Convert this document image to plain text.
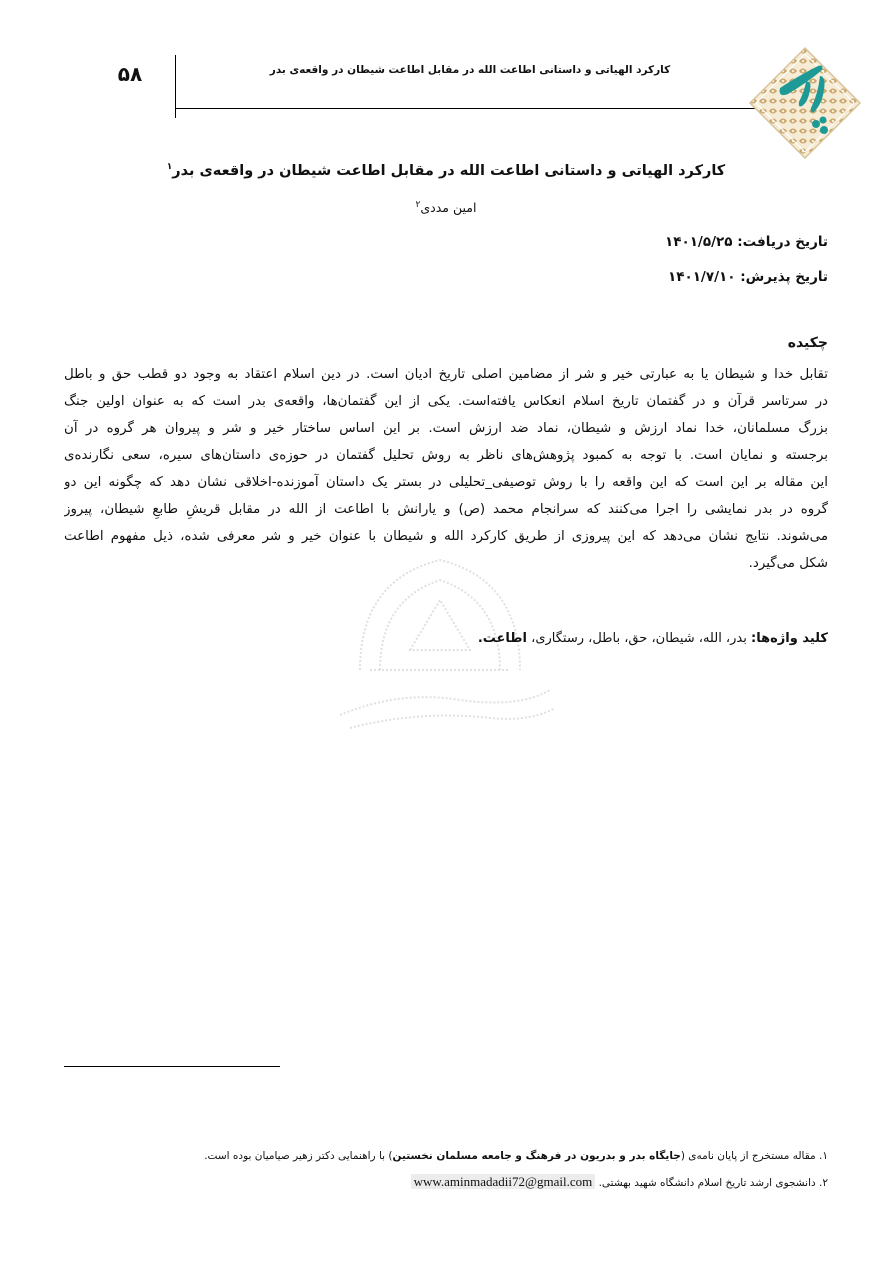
۵۸	کارکرد الهیاتی و داستانی اطاعت الله در مقابل اطاعت شیطان در واقعه‌ی بدر
کارکرد الهیاتی و داستانی اطاعت الله در مقابل اطاعت شیطان در واقعه‌ی بدر$^۱$
امین مددی$^۲$
تاریخ دریافت: ۱۴۰۱/۵/۲۵
تاریخ پذیرش: ۱۴۰۱/۷/۱۰
چکیده
تقابل خدا و شیطان یا به عبارتی خیر و شر از مضامین اصلی تاریخ ادیان است. در دین اسلام اعتقاد به وجود دو قطب حق و باطل
در سرتاسر قرآن و در گفتمان تاریخ اسلام انعکاس یافته‌است. یکی از این گفتمان‌ها، واقعه‌ی بدر است که به عنوان اولین جنگ
بزرگ مسلمانان، خدا نماد ارزش و شیطان، نماد ضد ارزش است. بر این اساس ساختار خیر و شر و پیروان هر گروه در آن
برجسته و نمایان است. با توجه به کمبود پژوهش‌های ناظر به روش تحلیل گفتمان در حوزه‌ی داستان‌های سیره، سعی نگارنده‌ی
این مقاله بر این است که این واقعه را با روش توصیفی_تحلیلی در بستر یک داستان آموزنده-اخلاقی نشان دهد که چگونه این دو
گروه در بدر نمایشی را اجرا می‌کنند که سرانجام محمد (ص) و یارانش با اطاعت از الله در مقابل قریشِ طابعِ شیطان، پیروز
می‌شوند. نتایج نشان می‌دهد که این پیروزی از طریق کارکرد الله و شیطان با عنوان خیر و شر معرفی شده، ذیل مفهوم اطاعت
شکل می‌گیرد.
کلید واژه‌ها: بدر، الله، شیطان، حق، باطل، رستگاری، اطاعت.
۱. مقاله مستخرج از پایان نامه‌ی (جایگاه بدر و بدریون در فرهنگ و جامعه مسلمان نخستین) با راهنمایی دکتر زهیر صیامیان بوده است.
۲. دانشجوی ارشد تاریخ اسلام دانشگاه شهید بهشتی. www.aminmadadii72@gmail.com
